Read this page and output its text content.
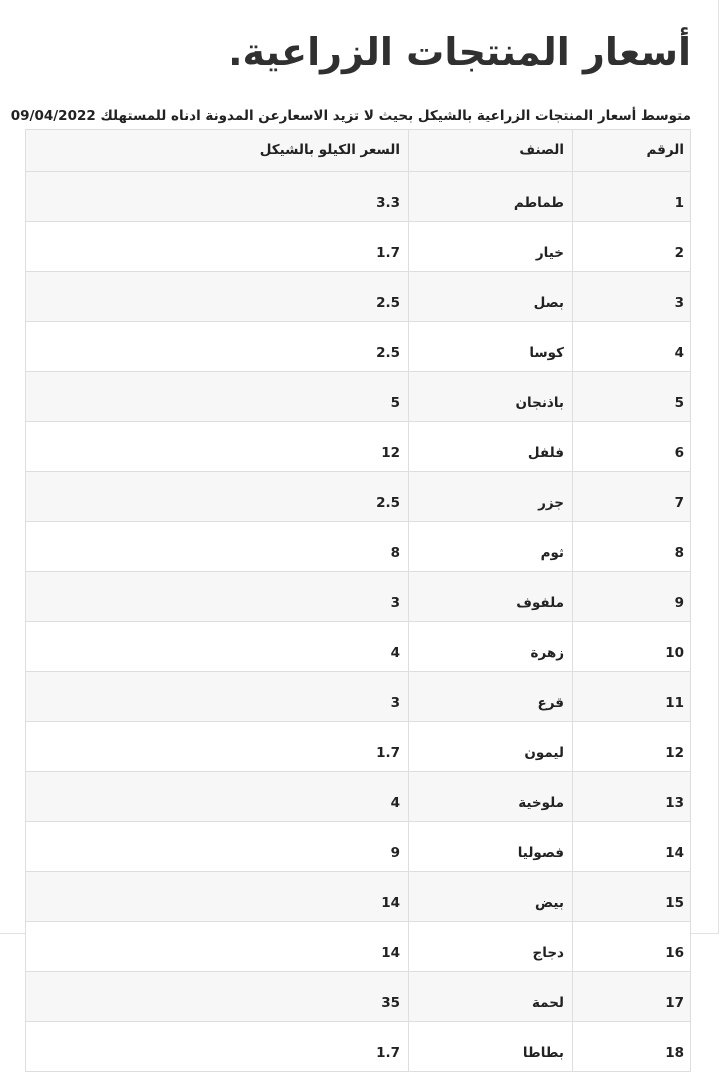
أسعار المنتجات الزراعية.

متوسط أسعار المنتجات الزراعية بالشيكل بحيث لا تزيد الاسعارعن المدونة ادناه للمستهلك 09/04/2022

الرقم	الصنف	السعر الكيلو بالشيكل
1	طماطم	3.3
2	خيار	1.7
3	بصل	2.5
4	كوسا	2.5
5	باذنجان	5
6	فلفل	12
7	جزر	2.5
8	ثوم	8
9	ملفوف	3
10	زهرة	4
11	قرع	3
12	ليمون	1.7
13	ملوخية	4
14	فصوليا	9
15	بيض	14
16	دجاج	14
17	لحمة	35
18	بطاطا	1.7
